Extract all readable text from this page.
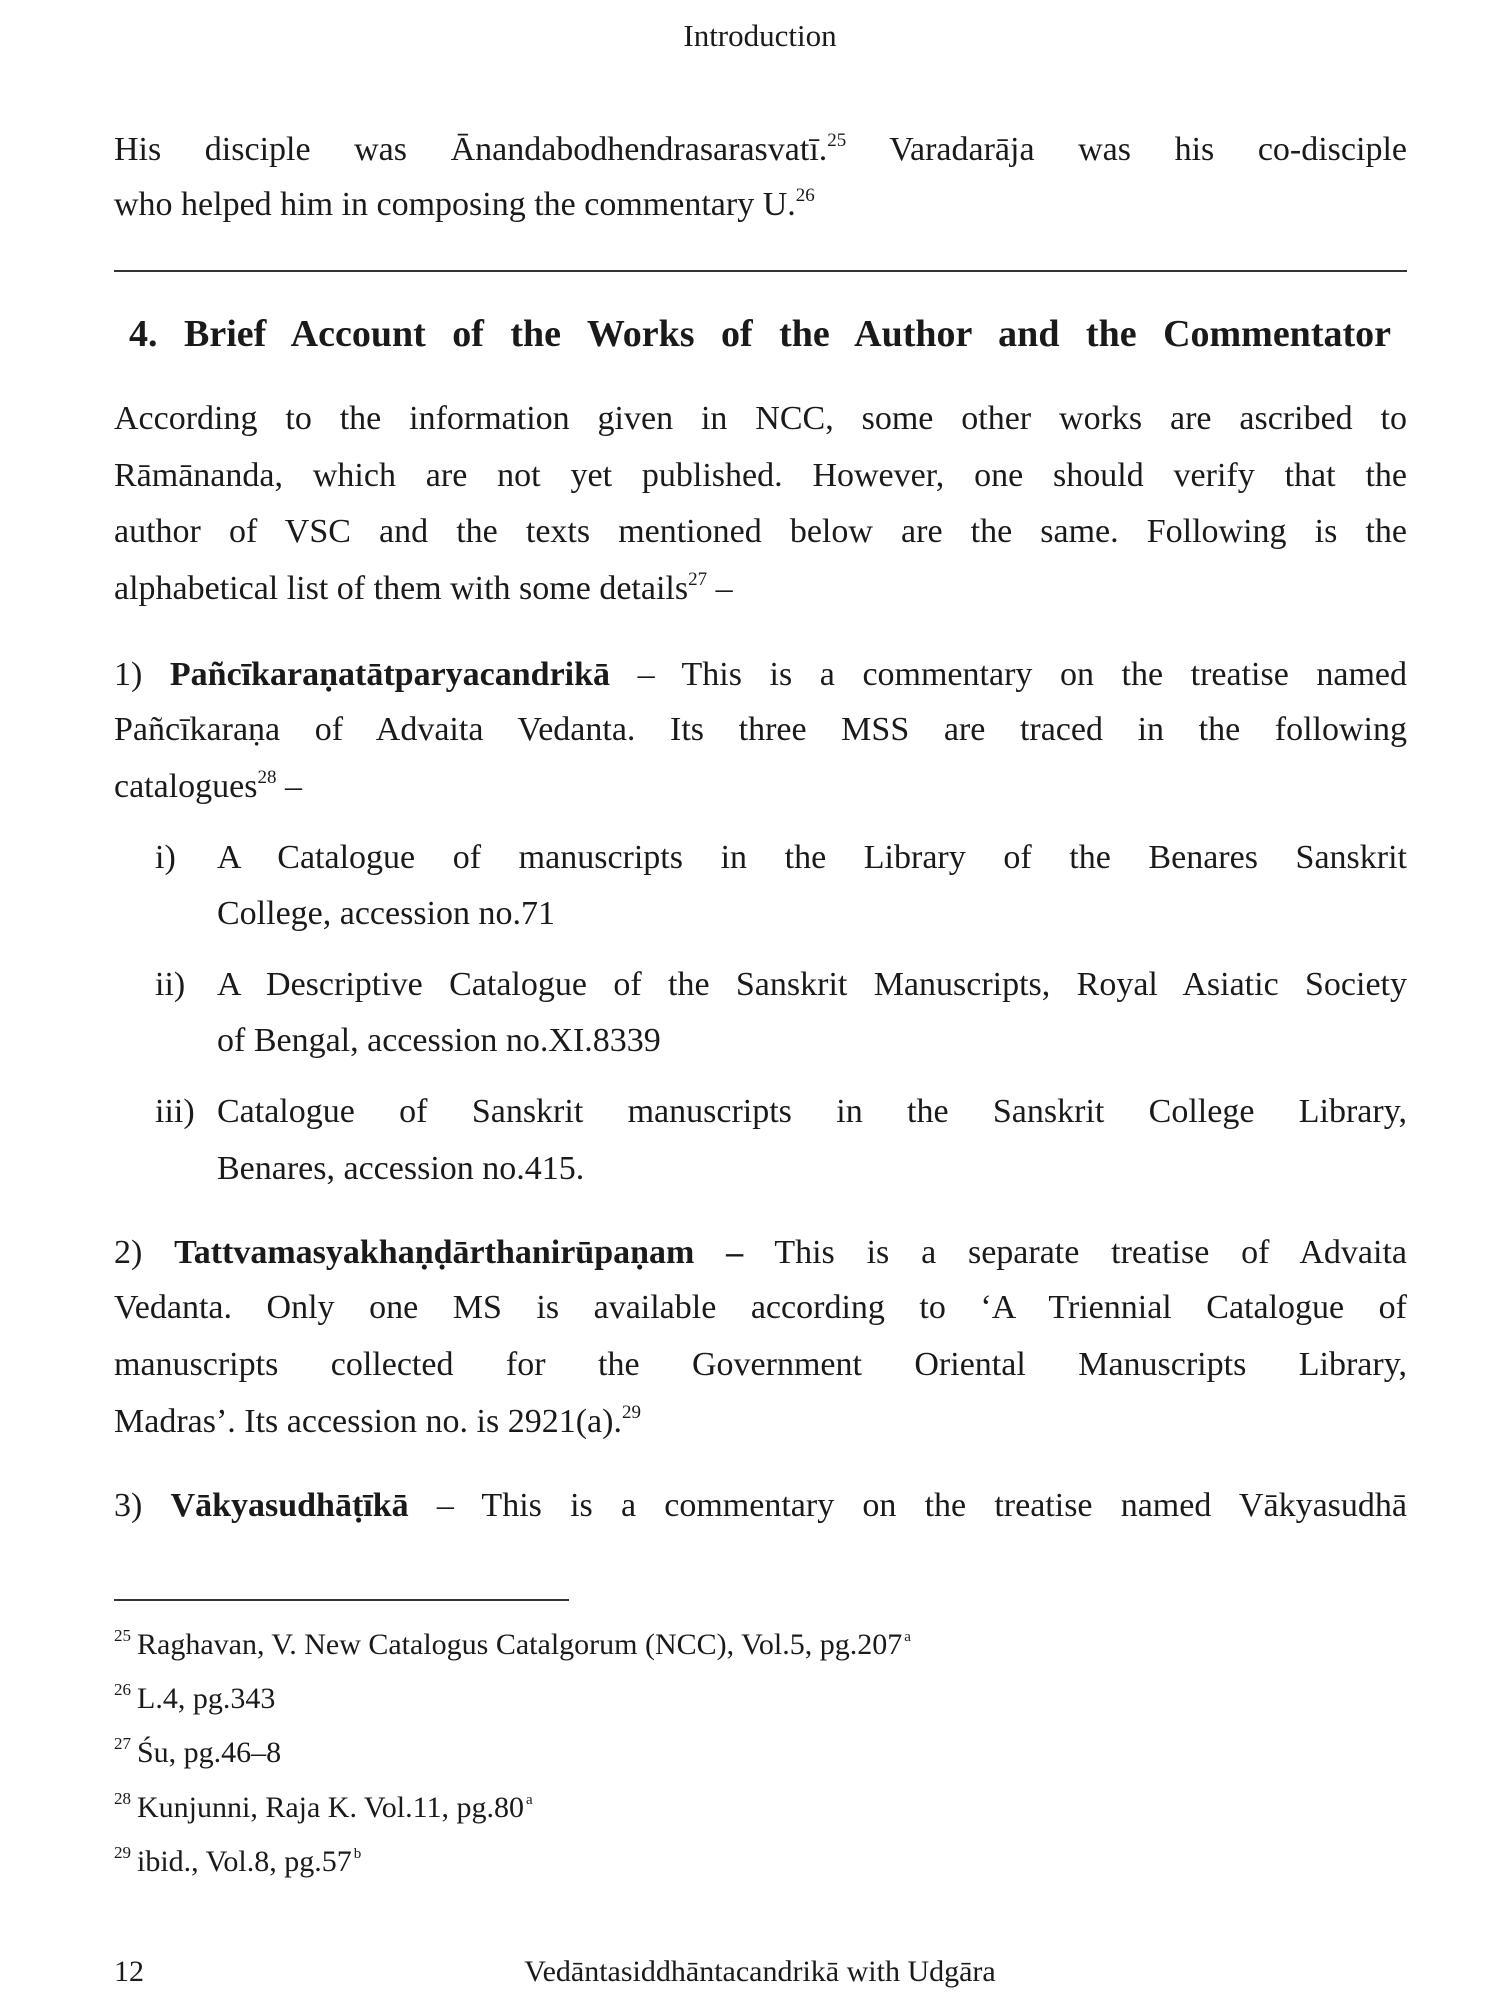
Introduction
4. Brief Account of the Works of the Author and the Commentator
His disciple was Ānandabodhendrasarasvatī.$^{25}$ Varadarāja was his co-disciple
who helped him in composing the commentary U.$^{26}$
According to the information given in NCC, some other works are ascribed to
Rāmānanda, which are not yet published. However, one should verify that the
author of VSC and the texts mentioned below are the same. Following is the
alphabetical list of them with some details$^{27}$ –
1) Pañcīkaraṇatātparyacandrikā – This is a commentary on the treatise named
Pañcīkaraṇa of Advaita Vedanta. Its three MSS are traced in the following
catalogues$^{28}$ –
A Catalogue of manuscripts in the Library of the Benares Sanskrit
College, accession no.71
A Descriptive Catalogue of the Sanskrit Manuscripts, Royal Asiatic Society
of Bengal, accession no.XI.8339
Catalogue of Sanskrit manuscripts in the Sanskrit College Library,
Benares, accession no.415.
2) Tattvamasyakhaṇḍārthanirūpaṇam – This is a separate treatise of Advaita
Vedanta. Only one MS is available according to ‘A Triennial Catalogue of
manuscripts collected for the Government Oriental Manuscripts Library,
Madras’. Its accession no. is 2921(a).$^{29}$
3) Vākyasudhāṭīkā – This is a commentary on the treatise named Vākyasudhā
i)
ii)
iii)
$^{25}$ Raghavan, V. New Catalogus Catalgorum (NCC), Vol.5, pg.207 $^a$
$^{26}$ L.4, pg.343
$^{27}$ Śu, pg.46–8
$^{28}$ Kunjunni, Raja K. Vol.11, pg.80 $^a$
$^{29}$ ibid., Vol.8, pg.57 $^b$
12	Vedāntasiddhāntacandrikā with Udgāra
